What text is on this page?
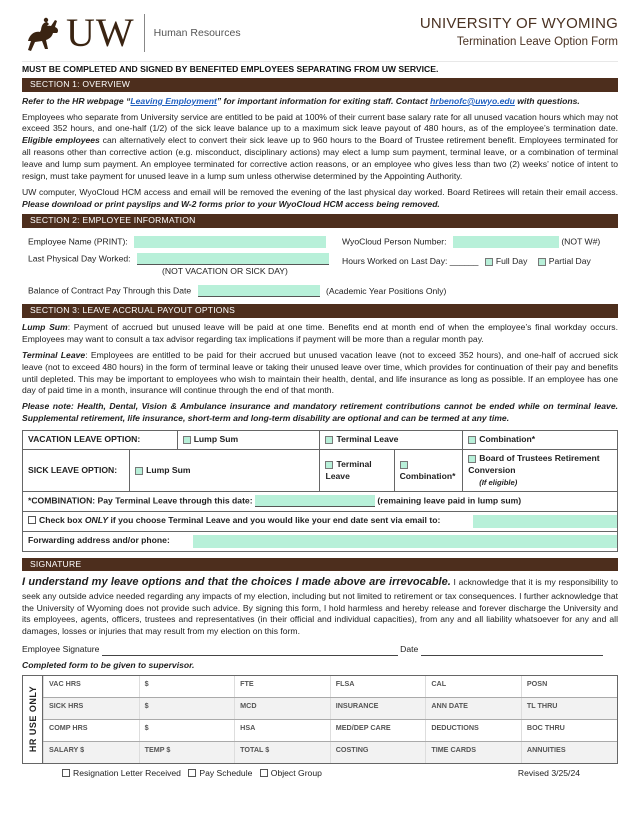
UW Human Resources
UNIVERSITY OF WYOMING
Termination Leave Option Form
MUST BE COMPLETED AND SIGNED BY BENEFITED EMPLOYEES SEPARATING FROM UW SERVICE.
SECTION 1: OVERVIEW

Refer to the HR webpage “Leaving Employment” for important information for exiting staff. Contact hrbenofc@uwyo.edu with questions.

Employees who separate from University service are entitled to be paid at 100% of their current base salary rate for all unused vacation hours which may not exceed 352 hours, and one-half (1/2) of the sick leave balance up to a maximum sick leave payout of 480 hours, as of the employee’s termination date. Eligible employees can alternatively elect to convert their sick leave up to 960 hours to the Board of Trustee retirement benefit. Employees terminated for all reasons other than corrective action (e.g. misconduct, disciplinary actions) may elect a lump sum payment, terminal leave, or a combination of terminal leave and lump sum payment. An employee terminated for corrective action reasons, or an employee who gives less than two (2) weeks’ notice of intent to resign, must take payment for unused leave in a lump sum unless otherwise determined by the Appointing Authority.

UW computer, WyoCloud HCM access and email will be removed the evening of the last physical day worked. Board Retirees will retain their email access. Please download or print payslips and W-2 forms prior to your WyoCloud HCM access being removed.

SECTION 2: EMPLOYEE INFORMATION
Employee Name (PRINT):	WyoCloud Person Number:	(NOT W#)
Last Physical Day Worked:
(NOT VACATION OR SICK DAY)
Hours Worked on Last Day: ______ Full Day Partial Day
Balance of Contract Pay Through this Date	(Academic Year Positions Only)
SECTION 3: LEAVE ACCRUAL PAYOUT OPTIONS

Lump Sum: Payment of accrued but unused leave will be paid at one time. Benefits end at month end of when the employee’s final workday occurs. Employees may want to consult a tax advisor regarding tax implications if payment will be more than a regular month pay.

Terminal Leave: Employees are entitled to be paid for their accrued but unused vacation leave (not to exceed 352 hours), and one-half of accrued sick leave (not to exceed 480 hours) in the form of terminal leave or taking their unused leave over time, which provides for continuation of their pay and benefits until depleted. This may be important to employees who wish to maintain their health, dental, and life insurance as long as possible. If an employee has one day of paid time in a month, insurance will continue through the end of that month.

Please note: Health, Dental, Vision & Ambulance insurance and mandatory retirement contributions cannot be ended while on terminal leave. Supplemental retirement, life insurance, short-term and long-term disability are optional and can be termed at any time.

VACATION LEAVE OPTION:		Lump Sum	Terminal Leave		Combination*
SICK LEAVE OPTION:	Lump Sum		Terminal Leave	Combination*	Board of Trustees Retirement Conversion
(If eligible)
*COMBINATION: Pay Terminal Leave through this date: (remaining leave paid in lump sum)					
Check box ONLY if you choose Terminal Leave and you would like your end date sent via email to:					

Forwarding address and/or phone:					
SIGNATURE

I understand my leave options and that the choices I made above are irrevocable. I acknowledge that it is my responsibility to seek any outside advice needed regarding any impacts of my election, including but not limited to retirement or tax consequences. I further acknowledge that the University of Wyoming does not provide such advice. By signing this form, I hold harmless and hereby release and forever discharge the University and its employees, agents, officers, trustees and representatives (in their official and individual capacities), from any and all liability whatsoever for any and all damages, losses or injuries that may result from my election on this form.

Employee Signature	Date
Completed form to be given to supervisor.
HR USE ONLY
VAC HRS	$	FTE	FLSA	CAL	POSN
SICK HRS	$	MCD	INSURANCE	ANN DATE	TL THRU
COMP HRS	$	HSA	MED/DEP CARE	DEDUCTIONS	BOC THRU
SALARY $	TEMP $	TOTAL $	COSTING	TIME CARDS	ANNUITIES
Resignation Letter Received Pay Schedule Object Group	Revised 3/25/24
